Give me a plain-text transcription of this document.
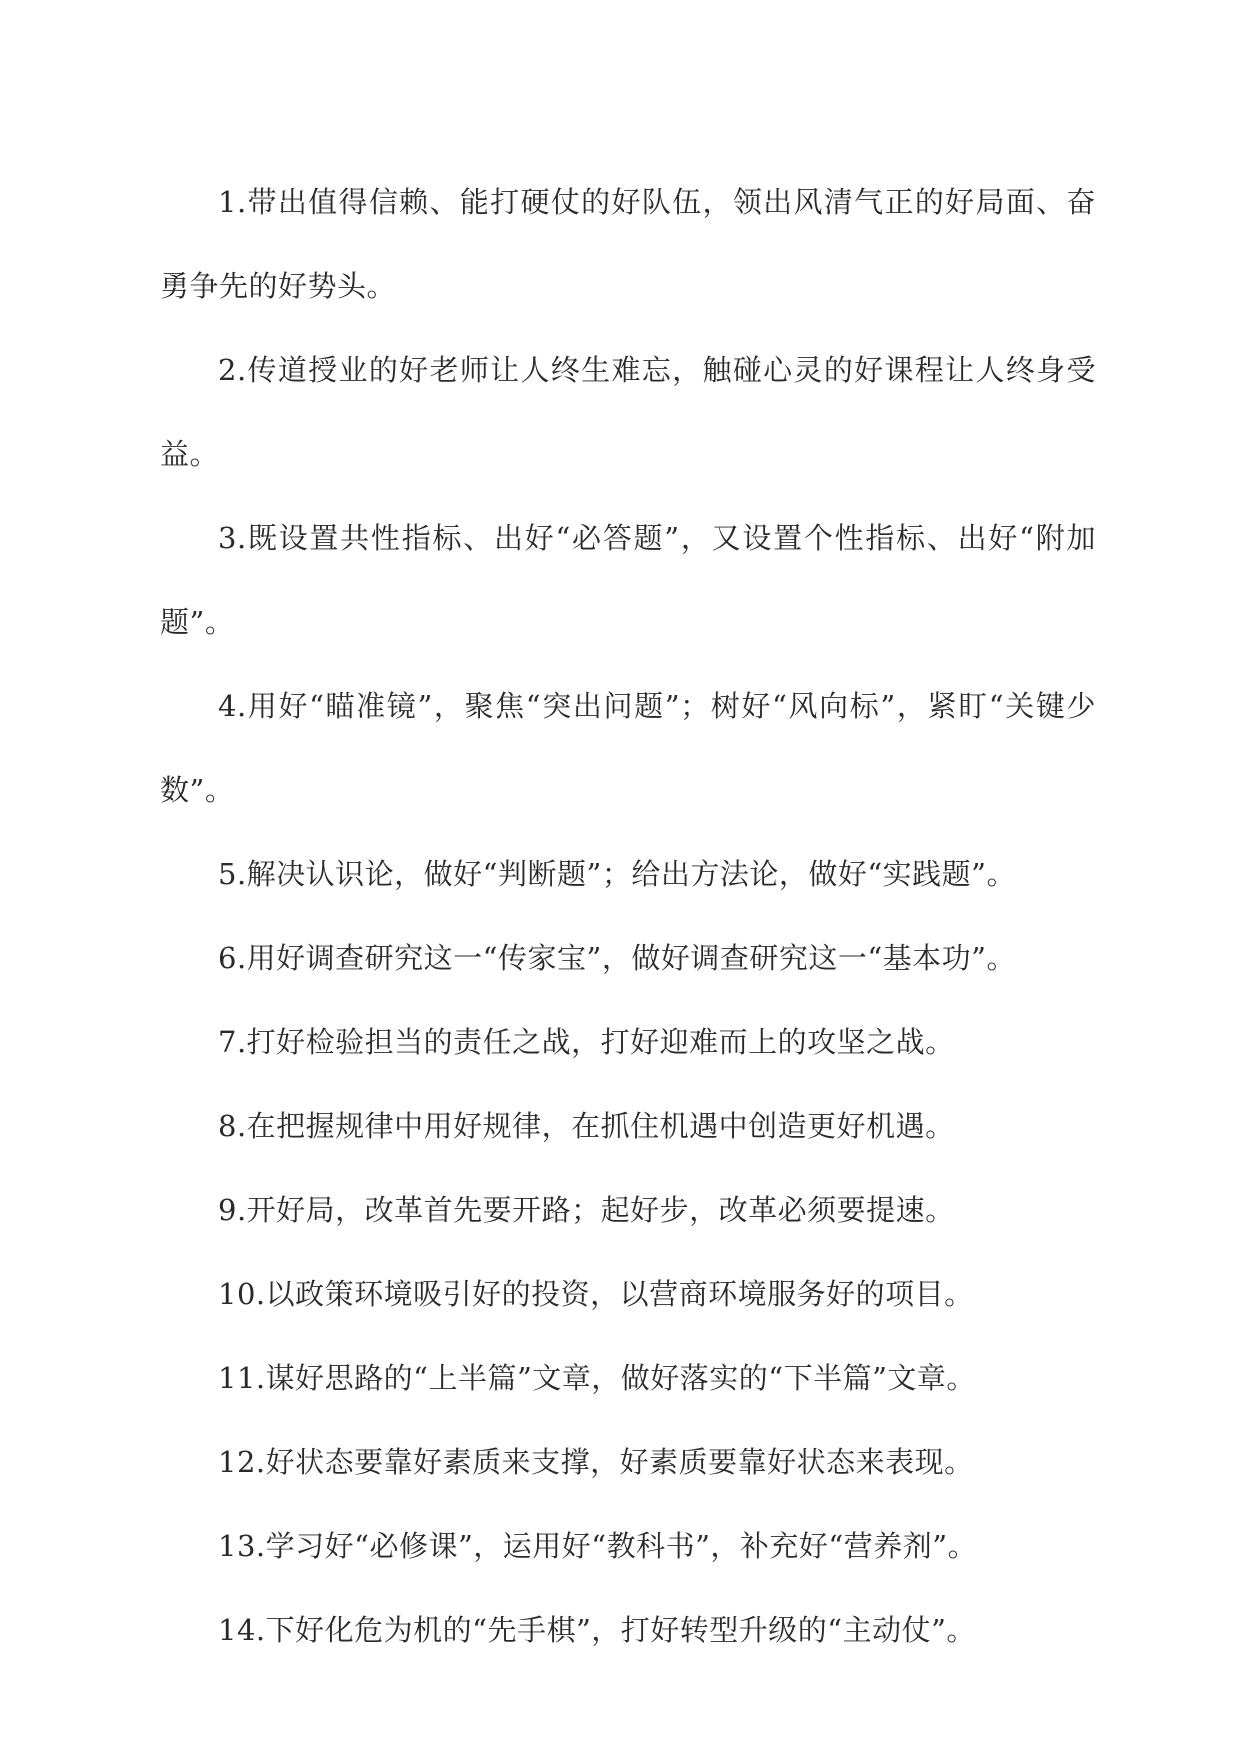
1.带出值得信赖、能打硬仗的好队伍，领出风清气正的好局面、奋勇争先的好势头。

2.传道授业的好老师让人终生难忘，触碰心灵的好课程让人终身受益。

3.既设置共性指标、出好“必答题”，又设置个性指标、出好“附加题”。

4.用好“瞄准镜”，聚焦“突出问题”；树好“风向标”，紧盯“关键少数”。

5.解决认识论，做好“判断题”；给出方法论，做好“实践题”。

6.用好调查研究这一“传家宝”，做好调查研究这一“基本功”。

7.打好检验担当的责任之战，打好迎难而上的攻坚之战。

8.在把握规律中用好规律，在抓住机遇中创造更好机遇。

9.开好局，改革首先要开路；起好步，改革必须要提速。

10.以政策环境吸引好的投资，以营商环境服务好的项目。

11.谋好思路的“上半篇”文章，做好落实的“下半篇”文章。

12.好状态要靠好素质来支撑，好素质要靠好状态来表现。

13.学习好“必修课”，运用好“教科书”，补充好“营养剂”。

14.下好化危为机的“先手棋”，打好转型升级的“主动仗”。
